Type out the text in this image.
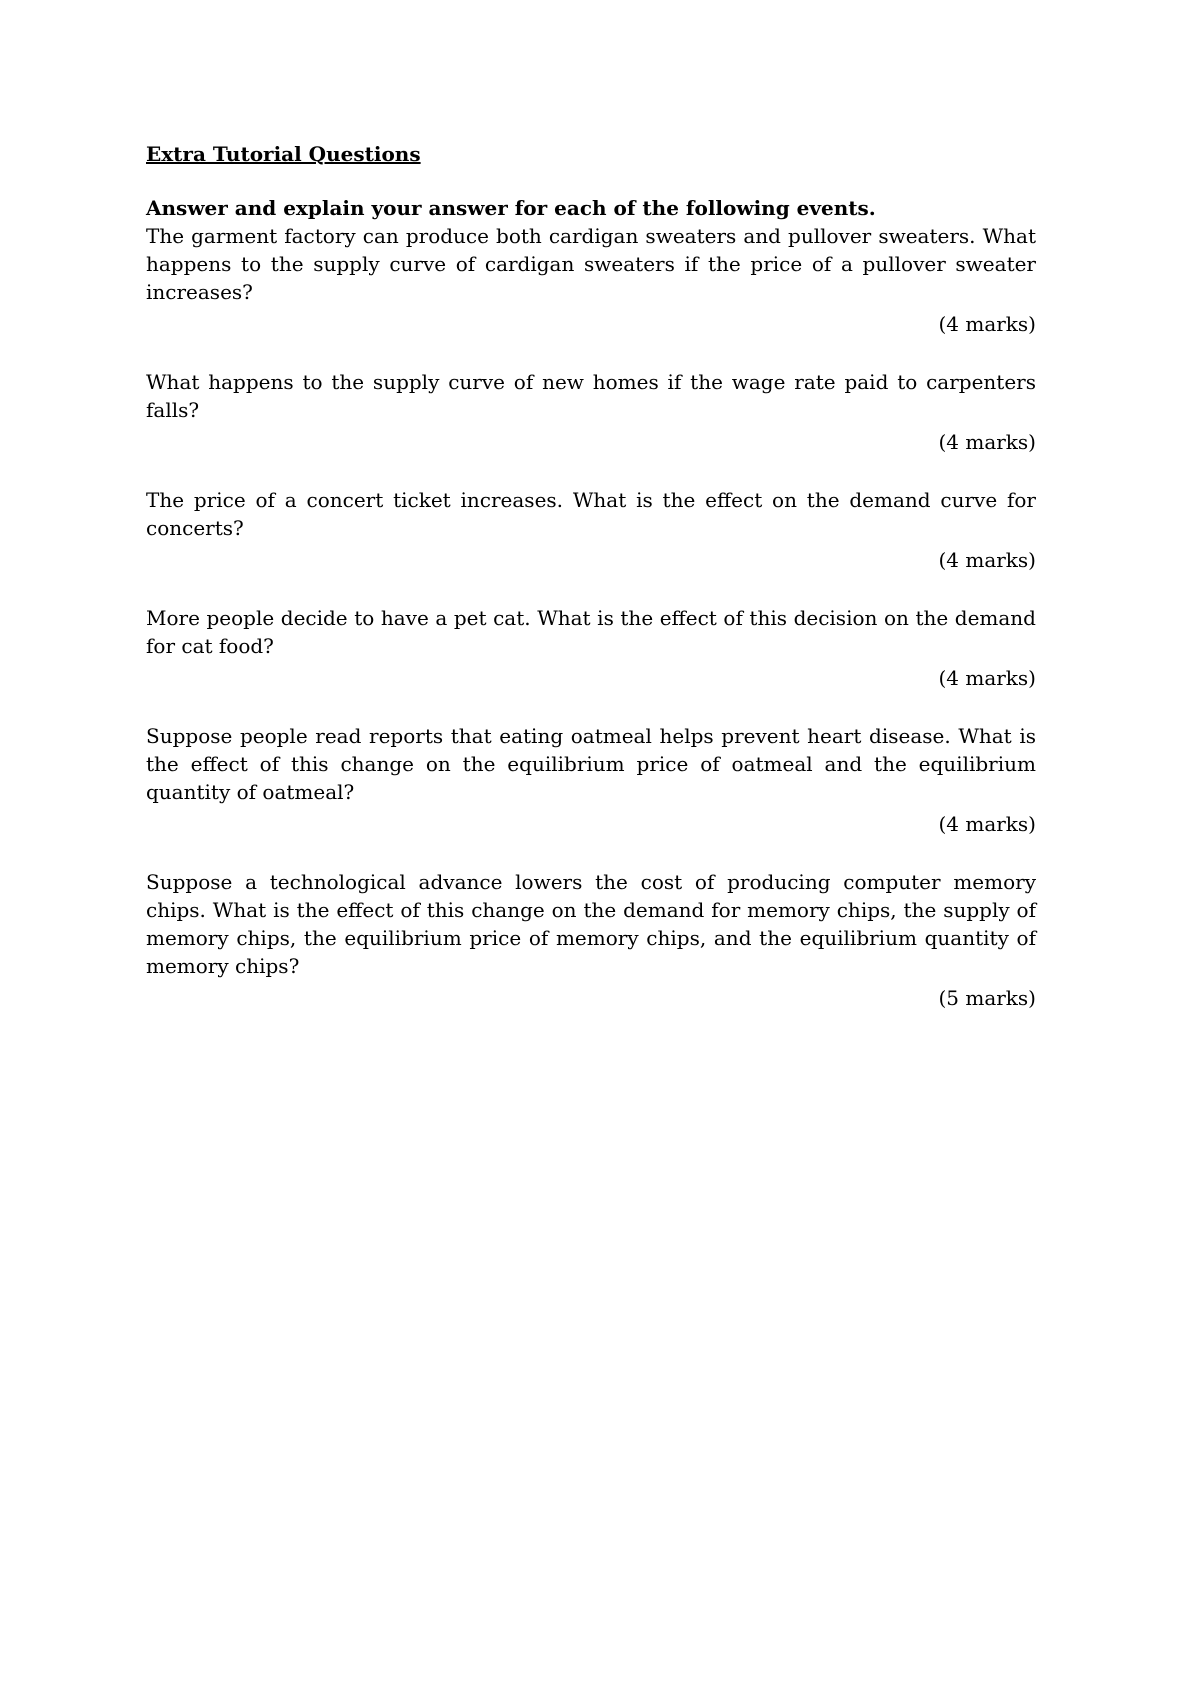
Extra Tutorial Questions

Answer and explain your answer for each of the following events.

The garment factory can produce both cardigan sweaters and pullover sweaters. What happens to the supply curve of cardigan sweaters if the price of a pullover sweater increases?

(4 marks)

What happens to the supply curve of new homes if the wage rate paid to carpenters falls?

(4 marks)

The price of a concert ticket increases. What is the effect on the demand curve for concerts?

(4 marks)

More people decide to have a pet cat. What is the effect of this decision on the demand for cat food?

(4 marks)

Suppose people read reports that eating oatmeal helps prevent heart disease. What is the effect of this change on the equilibrium price of oatmeal and the equilibrium quantity of oatmeal?

(4 marks)

Suppose a technological advance lowers the cost of producing computer memory chips. What is the effect of this change on the demand for memory chips, the supply of memory chips, the equilibrium price of memory chips, and the equilibrium quantity of memory chips?

(5 marks)
